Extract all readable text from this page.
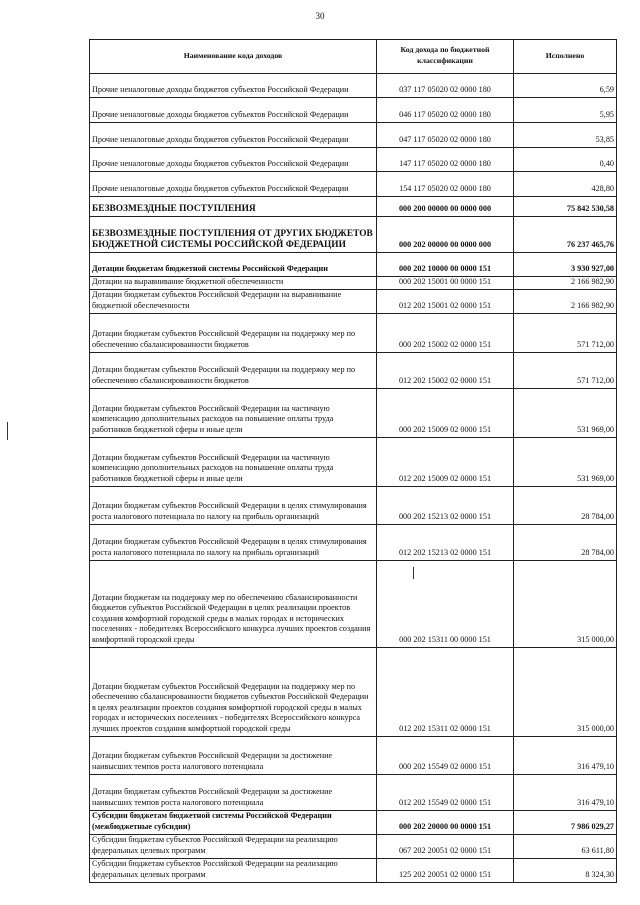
30
Наименование кода доходов	Код дохода по бюджетной классификации	Исполнено
Прочие неналоговые доходы бюджетов субъектов Российской Федерации	037 117 05020 02 0000 180	6,59
Прочие неналоговые доходы бюджетов субъектов Российской Федерации	046 117 05020 02 0000 180	5,95
Прочие неналоговые доходы бюджетов субъектов Российской Федерации	047 117 05020 02 0000 180	53,85
Прочие неналоговые доходы бюджетов субъектов Российской Федерации	147 117 05020 02 0000 180	0,40
Прочие неналоговые доходы бюджетов субъектов Российской Федерации	154 117 05020 02 0000 180	428,80
БЕЗВОЗМЕЗДНЫЕ ПОСТУПЛЕНИЯ	000 200 00000 00 0000 000	75 842 530,58
БЕЗВОЗМЕЗДНЫЕ ПОСТУПЛЕНИЯ ОТ ДРУГИХ БЮДЖЕТОВ БЮДЖЕТНОЙ СИСТЕМЫ РОССИЙСКОЙ ФЕДЕРАЦИИ	000 202 00000 00 0000 000	76 237 465,76
Дотации бюджетам бюджетной системы Российской Федерации	000 202 10000 00 0000 151	3 930 927,00
Дотации на выравнивание бюджетной обеспеченности	000 202 15001 00 0000 151	2 166 982,90
Дотации бюджетам субъектов Российской Федерации на выравнивание бюджетной обеспеченности	012 202 15001 02 0000 151	2 166 982,90
Дотации бюджетам субъектов Российской Федерации на поддержку мер по обеспечению сбалансированности бюджетов	000 202 15002 02 0000 151	571 712,00
Дотации бюджетам субъектов Российской Федерации на поддержку мер по обеспечению сбалансированности бюджетов	012 202 15002 02 0000 151	571 712,00
Дотации бюджетам субъектов Российской Федерации на частичную компенсацию дополнительных расходов на повышение оплаты труда работников бюджетной сферы и иные цели	000 202 15009 02 0000 151	531 969,00
Дотации бюджетам субъектов Российской Федерации на частичную компенсацию дополнительных расходов на повышение оплаты труда работников бюджетной сферы и иные цели	012 202 15009 02 0000 151	531 969,00
Дотации бюджетам субъектов Российской Федерации в целях стимулирования роста налогового потенциала по налогу на прибыль организаций	000 202 15213 02 0000 151	28 784,00
Дотации бюджетам субъектов Российской Федерации в целях стимулирования роста налогового потенциала по налогу на прибыль организаций	012 202 15213 02 0000 151	28 784,00
Дотации бюджетам на поддержку мер по обеспечению сбалансированности бюджетов субъектов Российской Федерации в целях реализации проектов создания комфортной городской среды в малых городах и исторических поселениях - победителях Всероссийского конкурса лучших проектов создания комфортной городской среды	000 202 15311 00 0000 151	315 000,00
Дотации бюджетам субъектов Российской Федерации на поддержку мер по обеспечению сбалансированности бюджетов субъектов Российской Федерации в целях реализации проектов создания комфортной городской среды в малых городах и исторических поселениях - победителях Всероссийского конкурса лучших проектов создания комфортной городской среды	012 202 15311 02 0000 151	315 000,00
Дотации бюджетам субъектов Российской Федерации за достижение наивысших темпов роста налогового потенциала	000 202 15549 02 0000 151	316 479,10
Дотации бюджетам субъектов Российской Федерации за достижение наивысших темпов роста налогового потенциала	012 202 15549 02 0000 151	316 479,10
Субсидии бюджетам бюджетной системы Российской Федерации (межбюджетные субсидии)	000 202 20000 00 0000 151	7 986 029,27
Субсидии бюджетам субъектов Российской Федерации на реализацию федеральных целевых программ	067 202 20051 02 0000 151	63 611,80
Субсидии бюджетам субъектов Российской Федерации на реализацию федеральных целевых программ	125 202 20051 02 0000 151	8 324,30
